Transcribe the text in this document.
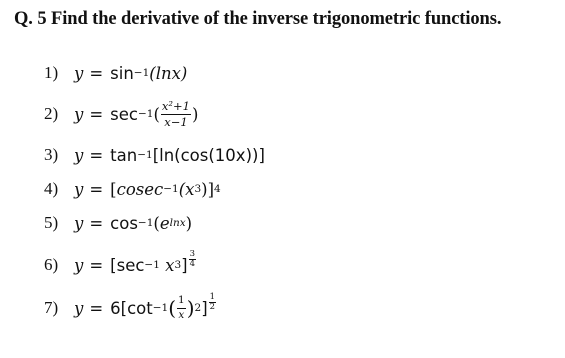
Q. 5 Find the derivative of the inverse trigonometric functions.
1) y = sin −1 (lnx)
2) y = sec −1 ( $\frac{\text{x²+1}}{x-1}$ )
3) y = tan −1 [ln(cos(10x))]
4) y = [ cosec −1 (x 3 )] 4
5) y = cos −1 ( e lnx )
6) y = [ sec −1
x 3 ] $\frac{3}{4}$
7) y = 6 [ cot −1 ( $\frac{1}{x}$ ) 2 ] $\frac{1}{2}$
